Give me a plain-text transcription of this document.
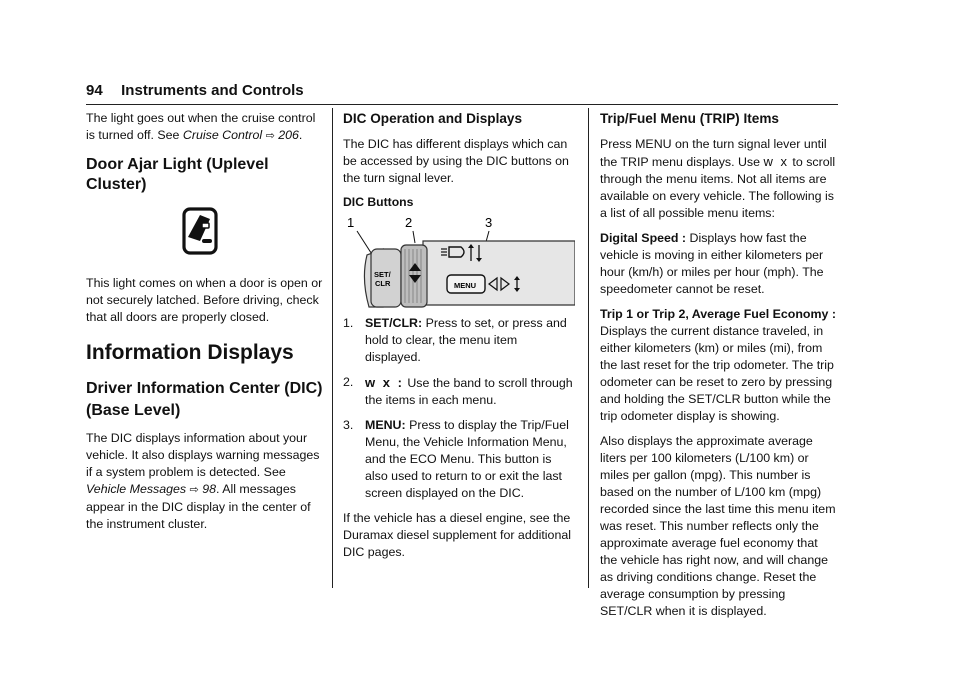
94 Instruments and Controls

The light goes out when the cruise control is turned off. See Cruise Control ⇨ 206.

Door Ajar Light (Uplevel Cluster)

This light comes on when a door is open or not securely latched. Before driving, check that all doors are properly closed.

Information Displays
Driver Information Center (DIC) (Base Level)

The DIC displays information about your vehicle. It also displays warning messages if a system problem is detected. See Vehicle Messages ⇨ 98. All messages appear in the DIC display in the center of the instrument cluster.

DIC Operation and Displays

The DIC has different displays which can be accessed by using the DIC buttons on the turn signal lever.

DIC Buttons
1	2	3
SET/
CLR	MENU
1. SET/CLR: Press to set, or press and hold to clear, the menu item displayed.
2. w x : Use the band to scroll through the items in each menu.
3. MENU: Press to display the Trip/Fuel Menu, the Vehicle Information Menu, and the ECO Menu. This button is also used to return to or exit the last screen displayed on the DIC.

If the vehicle has a diesel engine, see the Duramax diesel supplement for additional DIC pages.

Trip/Fuel Menu (TRIP) Items

Press MENU on the turn signal lever until the TRIP menu displays. Use w x to scroll through the menu items. Not all items are available on every vehicle. The following is a list of all possible menu items:

Digital Speed : Displays how fast the vehicle is moving in either kilometers per hour (km/h) or miles per hour (mph). The speedometer cannot be reset.

Trip 1 or Trip 2, Average Fuel Economy : Displays the current distance traveled, in either kilometers (km) or miles (mi), from the last reset for the trip odometer. The trip odometer can be reset to zero by pressing and holding the SET/CLR button while the trip odometer display is showing.

Also displays the approximate average liters per 100 kilometers (L/100 km) or miles per gallon (mpg). This number is based on the number of L/100 km (mpg) recorded since the last time this menu item was reset. This number reflects only the approximate average fuel economy that the vehicle has right now, and will change as driving conditions change. Reset the average consumption by pressing SET/CLR when it is displayed.
